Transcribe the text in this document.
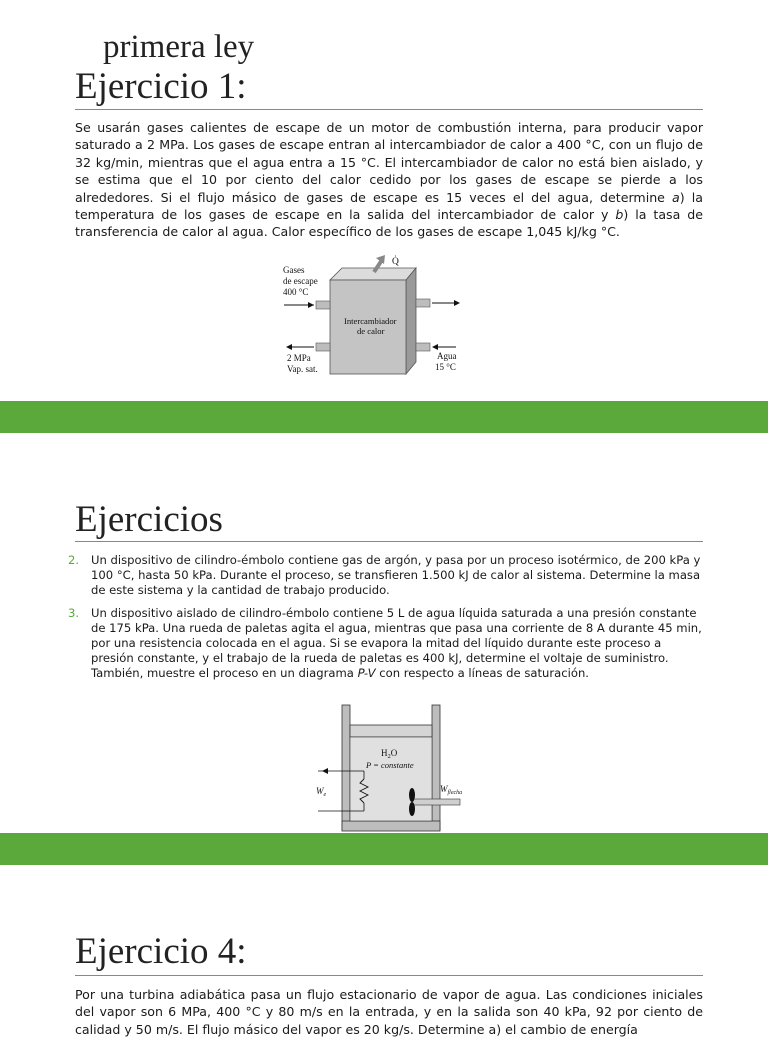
primera ley
Ejercicio 1:
Se usarán gases calientes de escape de un motor de combustión interna, para producir vapor saturado a 2 MPa. Los gases de escape entran al intercambiador de calor a 400 °C, con un flujo de 32 kg/min, mientras que el agua entra a 15 °C. El intercambiador de calor no está bien aislado, y se estima que el 10 por ciento del calor cedido por los gases de escape se pierde a los alrededores. Si el flujo másico de gases de escape es 15 veces el del agua, determine a) la temperatura de los gases de escape en la salida del intercambiador de calor y b) la tasa de transferencia de calor al agua. Calor específico de los gases de escape 1,045 kJ/kg °C.
Gases
de escape
400 °C
Intercambiador
de calor
Q̇
2 MPa
Vap. sat.
Agua
15 °C
Ejercicios
2. Un dispositivo de cilindro-émbolo contiene gas de argón, y pasa por un proceso isotérmico, de 200 kPa y 100 °C, hasta 50 kPa. Durante el proceso, se transfieren 1.500 kJ de calor al sistema. Determine la masa de este sistema y la cantidad de trabajo producido.
3. Un dispositivo aislado de cilindro-émbolo contiene 5 L de agua líquida saturada a una presión constante de 175 kPa. Una rueda de paletas agita el agua, mientras que pasa una corriente de 8 A durante 45 min, por una resistencia colocada en el agua. Si se evapora la mitad del líquido durante este proceso a presión constante, y el trabajo de la rueda de paletas es 400 kJ, determine el voltaje de suministro. También, muestre el proceso en un diagrama P-V con respecto a líneas de saturación.
$H_2O$
P = constante
$W_e$
$W_{flecha}$
Ejercicio 4:
Por una turbina adiabática pasa un flujo estacionario de vapor de agua. Las condiciones iniciales del vapor son 6 MPa, 400 °C y 80 m/s en la entrada, y en la salida son 40 kPa, 92 por ciento de calidad y 50 m/s. El flujo másico del vapor es 20 kg/s. Determine a) el cambio de energía
